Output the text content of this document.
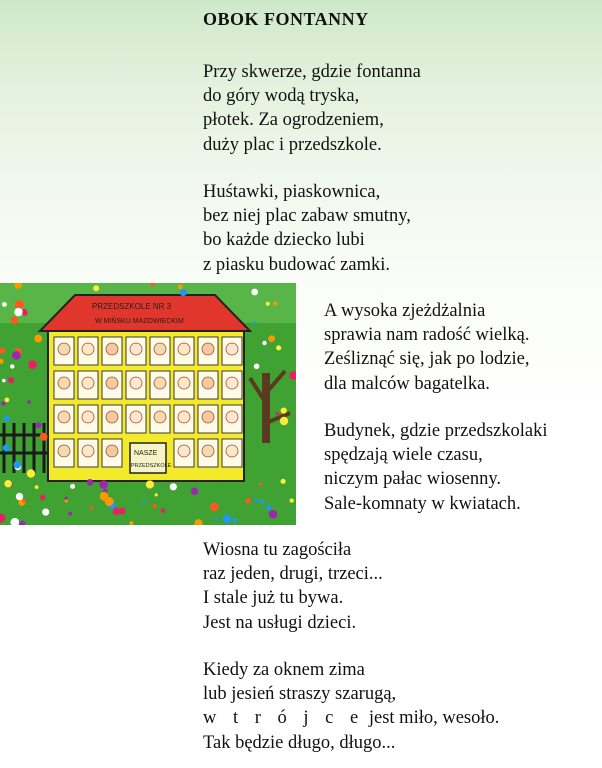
OBOK FONTANNY
Przy skwerze, gdzie fontanna
do góry wodą tryska,
płotek. Za ogrodzeniem,
duży plac i przedszkole.
Huśtawki, piaskownica,
bez niej plac zabaw smutny,
bo każde dziecko lubi
z piasku budować zamki.
A wysoka zjeżdżalnia
sprawia nam radość wielką.
Ześliznąć się, jak po lodzie,
dla malców bagatelka.
Budynek, gdzie przedszkolaki
spędzają wiele czasu,
niczym pałac wiosenny.
Sale-komnaty w kwiatach.
Wiosna tu zagościła
raz jeden, drugi, trzeci...
I stale już tu bywa.
Jest na usługi dzieci.
Kiedy za oknem zima
lub jesień straszy szarugą,
w t r ó j c e jest miło, wesoło.
Tak będzie długo, długo...
PRZEDSZKOLE NR 3
W MIŃSKU MAZOWIECKIM
NASZE
PRZEDSZKOLE
